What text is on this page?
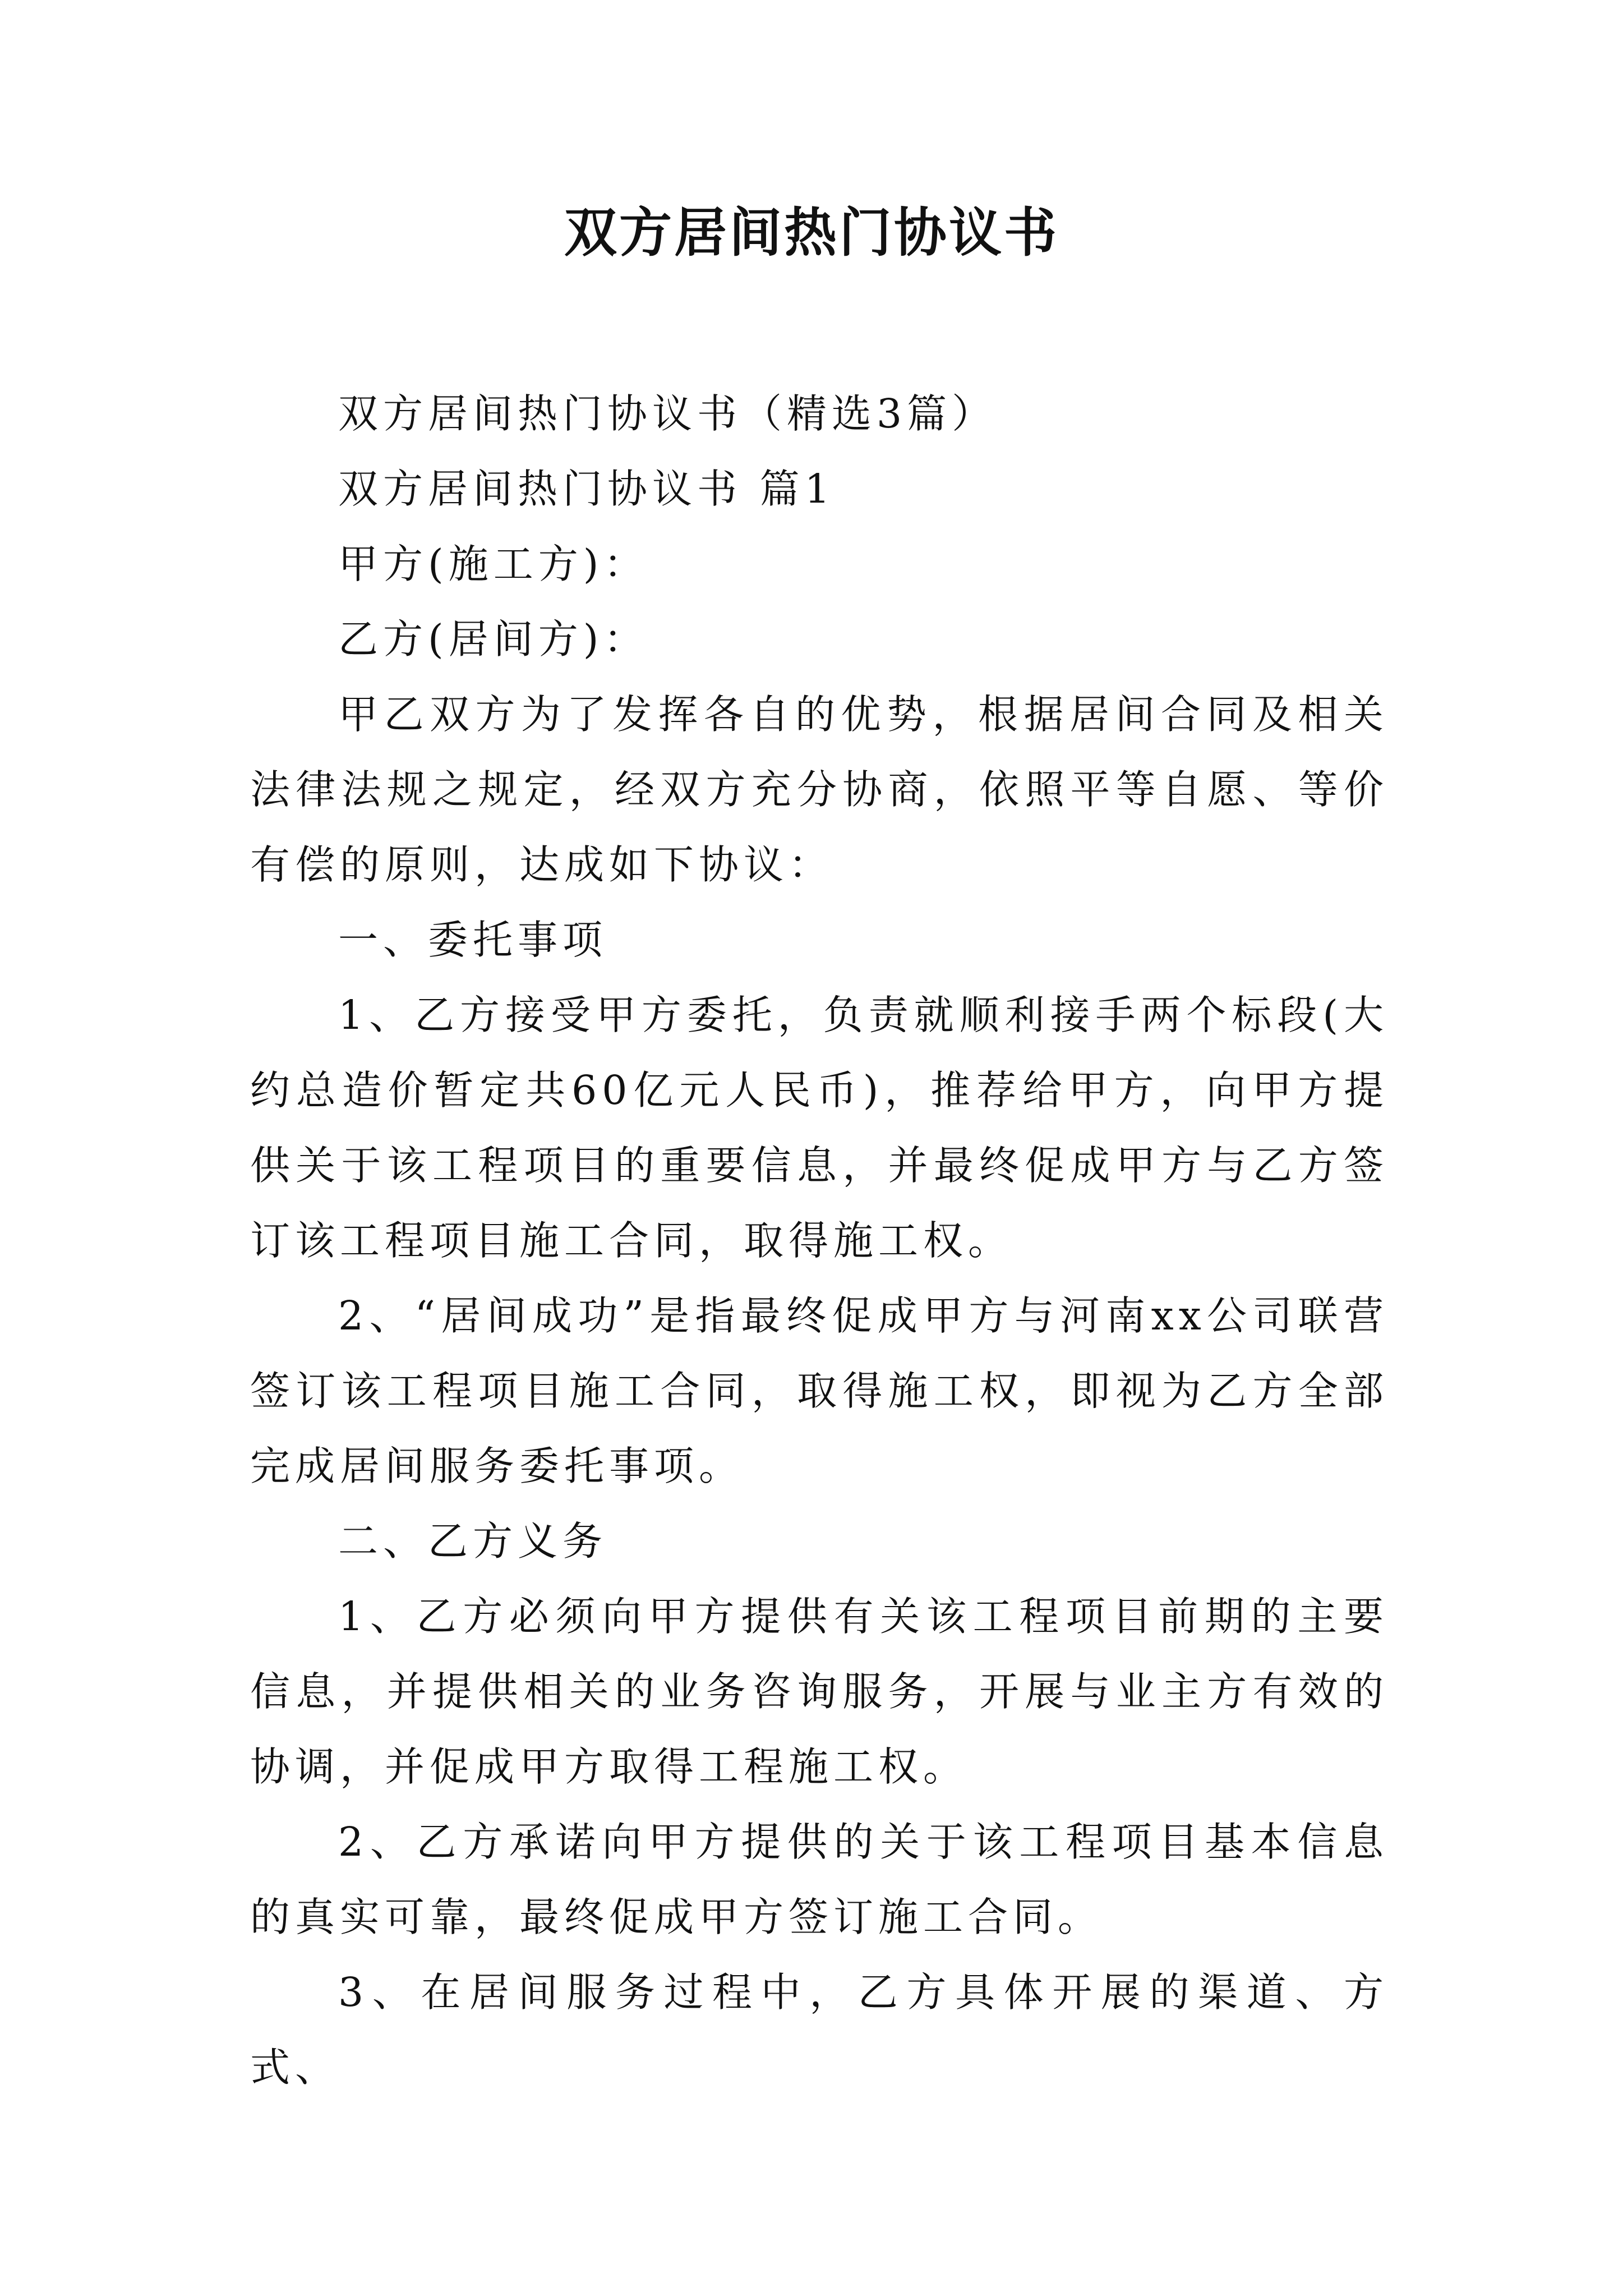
双方居间热门协议书

双方居间热门协议书（精选3篇）

双方居间热门协议书 篇1

甲方(施工方)：

乙方(居间方)：

甲乙双方为了发挥各自的优势，根据居间合同及相关法律法规之规定，经双方充分协商，依照平等自愿、等价有偿的原则，达成如下协议：

一、委托事项

1、乙方接受甲方委托，负责就顺利接手两个标段(大约总造价暂定共60亿元人民币)，推荐给甲方，向甲方提供关于该工程项目的重要信息，并最终促成甲方与乙方签订该工程项目施工合同，取得施工权。

2、“居间成功”是指最终促成甲方与河南xx公司联营签订该工程项目施工合同，取得施工权，即视为乙方全部完成居间服务委托事项。

二、乙方义务

1、乙方必须向甲方提供有关该工程项目前期的主要信息，并提供相关的业务咨询服务，开展与业主方有效的协调，并促成甲方取得工程施工权。

2、乙方承诺向甲方提供的关于该工程项目基本信息的真实可靠，最终促成甲方签订施工合同。

3、在居间服务过程中，乙方具体开展的渠道、方式、
